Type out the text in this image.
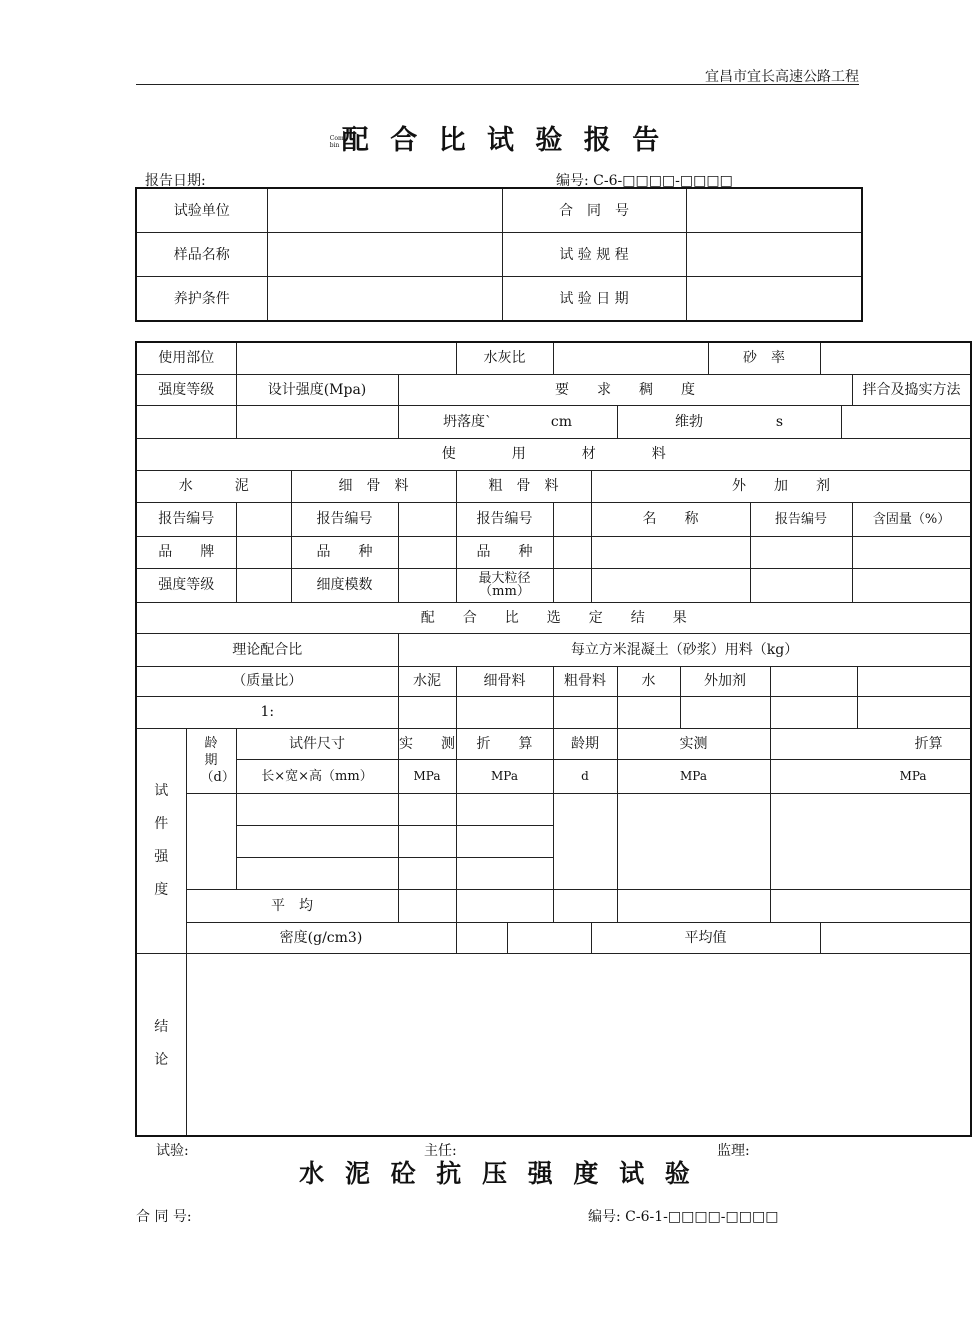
宜昌市宜长高速公路工程
Com
bin配 合 比 试 验 报 告
报告日期:	编号: C-6-□□□□-□□□□
试验单位		合　同　号	
样品名称		试 验 规 程	
养护条件		试 验 日 期	
使用部位					水灰比						砂　率						
强度等级		设计强度(Mpa)		要　　求　　稠　　度												拌合及捣实方法	
				坍落度` cm					维勃 s								
使　　　　用　　　　材　　　　料																	
水　　　泥			细　骨　料		粗　骨　料			外　　加　　剂									
报告编号			报告编号		报告编号			名　　称				报告编号				含固量（%）	
品　　牌			品　　种		品　　种												
强度等级			细度模数		最大粒径（mm）												
配　　合　　比　　选　　定　　结　　果																	
理论配合比				每立方米混凝土（砂浆）用料（kg）													
（质量比）				水泥	细骨料		粗骨料		水	外加剂							
1:																	
试件强度	龄期（d）	试件尺寸		实　　测	折　　算		龄期		实测				折算				
		长×宽×高（mm）		MPa	MPa		d		MPa				MPa				

	平　均																
	密度(g/cm3)							平均值									
结论																	
试验:	主任:	监理:
水 泥 砼 抗 压 强 度 试 验
合 同 号:	编号: C-6-1-□□□□-□□□□
